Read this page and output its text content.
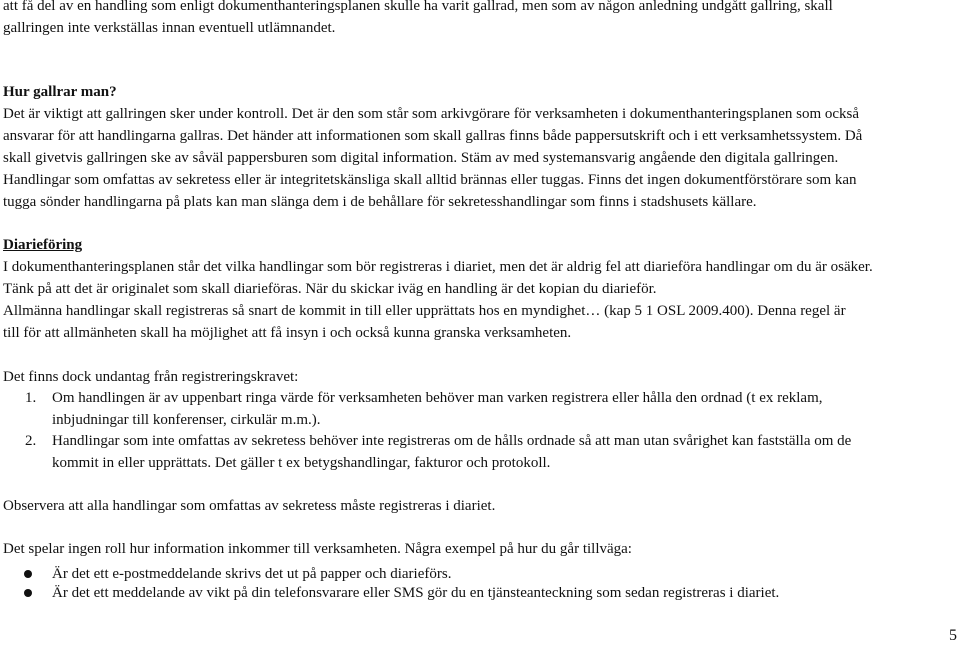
att få del av en handling som enligt dokumenthanteringsplanen skulle ha varit gallrad, men som av någon anledning undgått gallring, skall
gallringen inte verkställas innan eventuell utlämnandet.
Hur gallrar man?
Det är viktigt att gallringen sker under kontroll. Det är den som står som arkivgörare för verksamheten i dokumenthanteringsplanen som också
ansvarar för att handlingarna gallras. Det händer att informationen som skall gallras finns både pappersutskrift och i ett verksamhetssystem. Då
skall givetvis gallringen ske av såväl pappersburen som digital information. Stäm av med systemansvarig angående den digitala gallringen.
Handlingar som omfattas av sekretess eller är integritetskänsliga skall alltid brännas eller tuggas. Finns det ingen dokumentförstörare som kan
tugga sönder handlingarna på plats kan man slänga dem i de behållare för sekretesshandlingar som finns i stadshusets källare.
Diarieföring
I dokumenthanteringsplanen står det vilka handlingar som bör registreras i diariet, men det är aldrig fel att diarieföra handlingar om du är osäker.
Tänk på att det är originalet som skall diarieföras. När du skickar iväg en handling är det kopian du diarieför.
Allmänna handlingar skall registreras så snart de kommit in till eller upprättats hos en myndighet… (kap 5 1 OSL 2009.400). Denna regel är
till för att allmänheten skall ha möjlighet att få insyn i och också kunna granska verksamheten.
Det finns dock undantag från registreringskravet:
1. Om handlingen är av uppenbart ringa värde för verksamheten behöver man varken registrera eller hålla den ordnad (t ex reklam,
inbjudningar till konferenser, cirkulär m.m.).
2. Handlingar som inte omfattas av sekretess behöver inte registreras om de hålls ordnade så att man utan svårighet kan fastställa om de
kommit in eller upprättats. Det gäller t ex betygshandlingar, fakturor och protokoll.
Observera att alla handlingar som omfattas av sekretess måste registreras i diariet.
Det spelar ingen roll hur information inkommer till verksamheten. Några exempel på hur du går tillväga:
Är det ett e-postmeddelande skrivs det ut på papper och diarieförs.
Är det ett meddelande av vikt på din telefonsvarare eller SMS gör du en tjänsteanteckning som sedan registreras i diariet.
5
